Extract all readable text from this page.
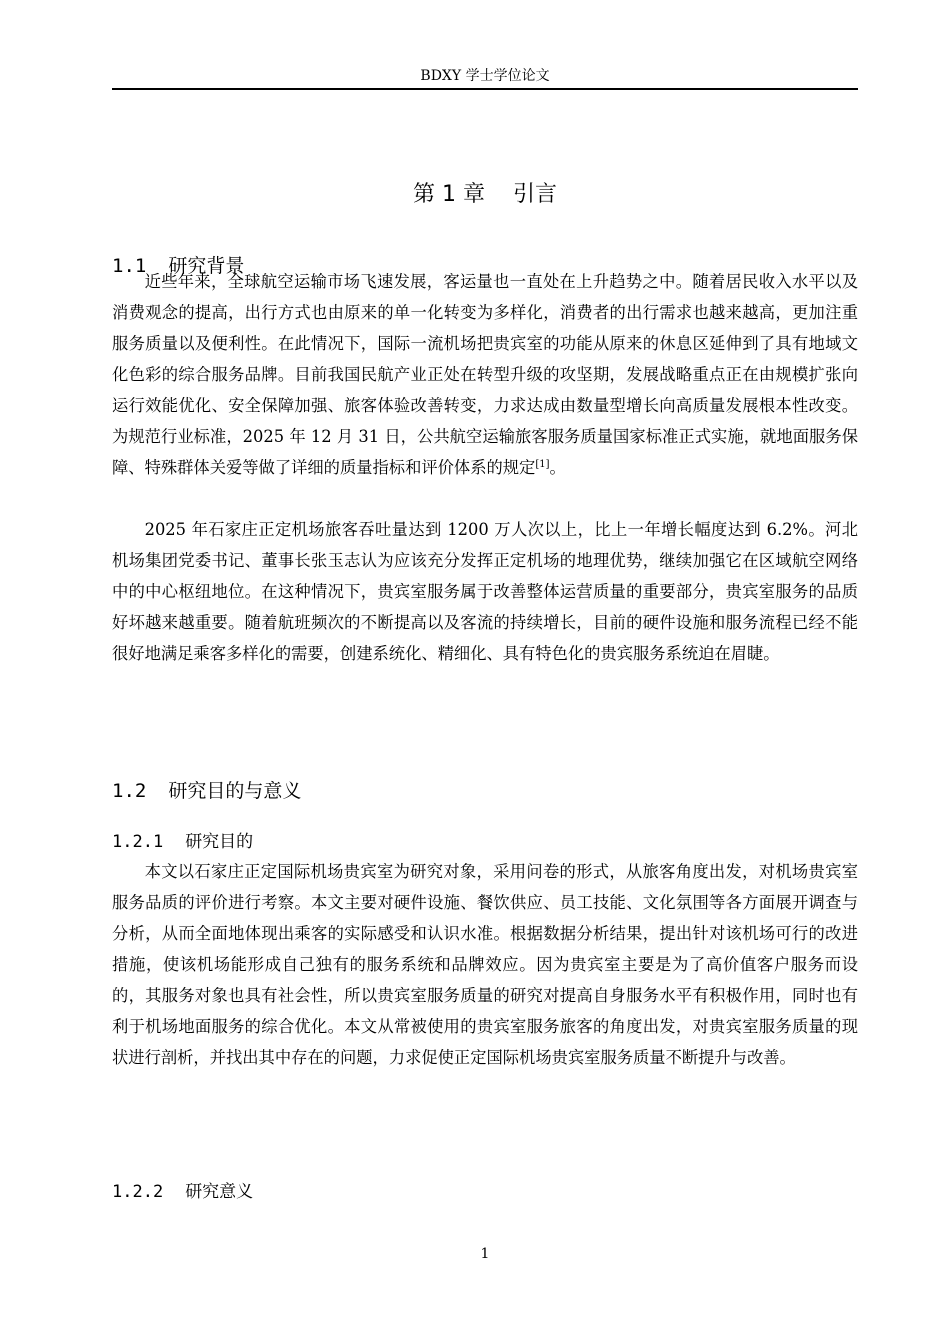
BDXY 学士学位论文
第 1 章 引言
1.1 研究背景

近些年来，全球航空运输市场飞速发展，客运量也一直处在上升趋势之中。随着居民收入水平以及消费观念的提高，出行方式也由原来的单一化转变为多样化，消费者的出行需求也越来越高，更加注重服务质量以及便利性。在此情况下，国际一流机场把贵宾室的功能从原来的休息区延伸到了具有地域文化色彩的综合服务品牌。目前我国民航产业正处在转型升级的攻坚期，发展战略重点正在由规模扩张向运行效能优化、安全保障加强、旅客体验改善转变，力求达成由数量型增长向高质量发展根本性改变。为规范行业标准，2025 年 12 月 31 日，公共航空运输旅客服务质量国家标准正式实施，就地面服务保障、特殊群体关爱等做了详细的质量指标和评价体系的规定[1]。

2025 年石家庄正定机场旅客吞吐量达到 1200 万人次以上，比上一年增长幅度达到 6.2%。河北机场集团党委书记、董事长张玉志认为应该充分发挥正定机场的地理优势，继续加强它在区域航空网络中的中心枢纽地位。在这种情况下，贵宾室服务属于改善整体运营质量的重要部分，贵宾室服务的品质好坏越来越重要。随着航班频次的不断提高以及客流的持续增长，目前的硬件设施和服务流程已经不能很好地满足乘客多样化的需要，创建系统化、精细化、具有特色化的贵宾服务系统迫在眉睫。

1.2 研究目的与意义
1.2.1 研究目的

本文以石家庄正定国际机场贵宾室为研究对象，采用问卷的形式，从旅客角度出发，对机场贵宾室服务品质的评价进行考察。本文主要对硬件设施、餐饮供应、员工技能、文化氛围等各方面展开调查与分析，从而全面地体现出乘客的实际感受和认识水准。根据数据分析结果，提出针对该机场可行的改进措施，使该机场能形成自己独有的服务系统和品牌效应。因为贵宾室主要是为了高价值客户服务而设的，其服务对象也具有社会性，所以贵宾室服务质量的研究对提高自身服务水平有积极作用，同时也有利于机场地面服务的综合优化。本文从常被使用的贵宾室服务旅客的角度出发，对贵宾室服务质量的现状进行剖析，并找出其中存在的问题，力求促使正定国际机场贵宾室服务质量不断提升与改善。

1.2.2 研究意义
1
